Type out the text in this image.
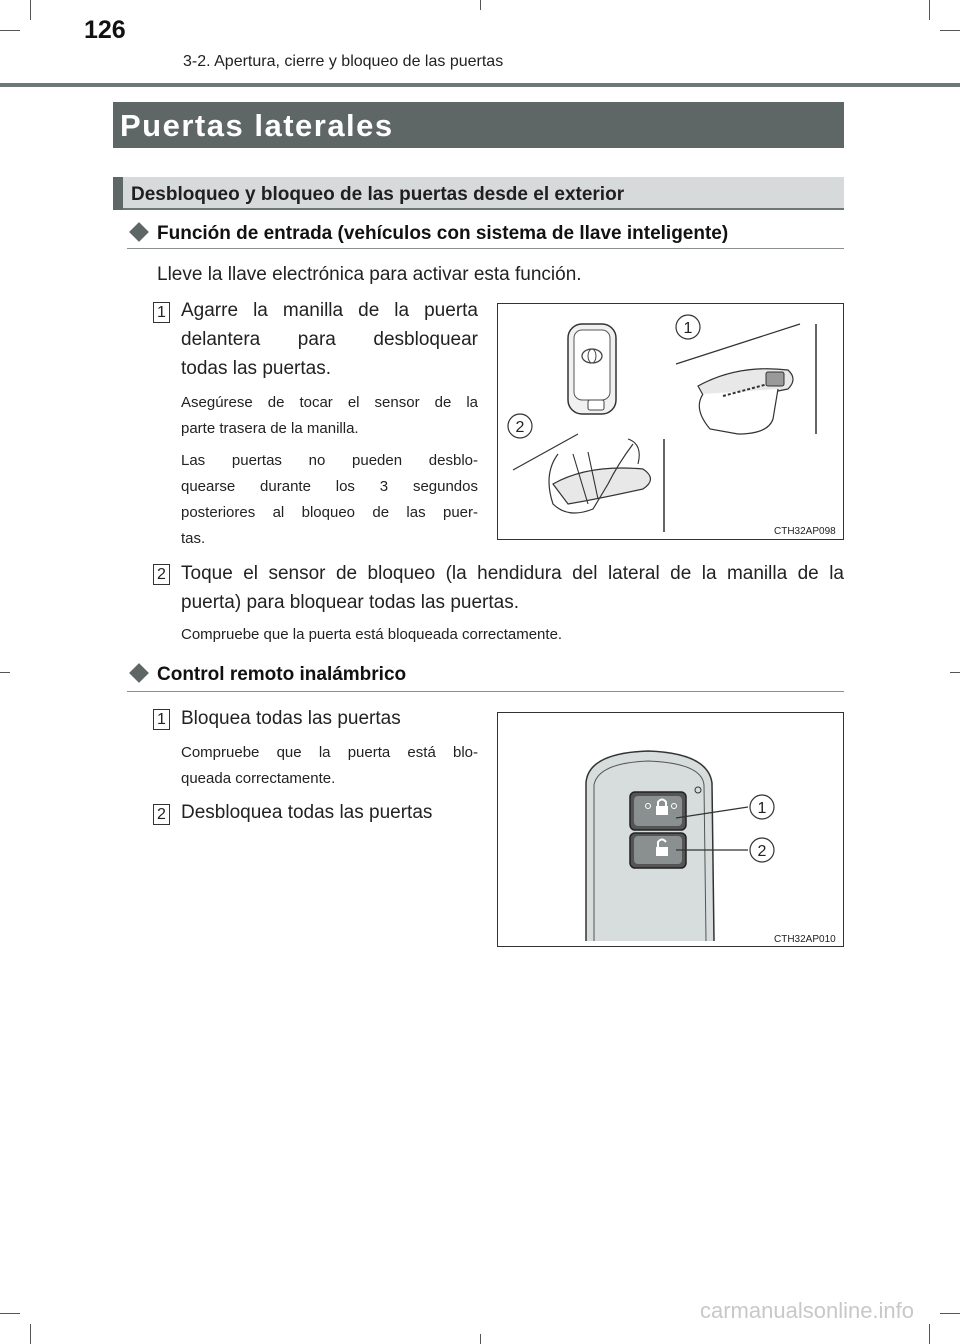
126
3-2. Apertura, cierre y bloqueo de las puertas
Puertas laterales
Desbloqueo y bloqueo de las puertas desde el exterior
Función de entrada (vehículos con sistema de llave inteligente)
Lleve la llave electrónica para activar esta función.
1 Agarre la manilla de la puerta
delantera para desbloquear
todas las puertas.
Asegúrese de tocar el sensor de la
parte trasera de la manilla.
Las puertas no pueden desblo-
quearse durante los 3 segundos
posteriores al bloqueo de las puer-
tas.
1
2
CTH32AP098
2 Toque el sensor de bloqueo (la hendidura del lateral de la manilla de la
puerta) para bloquear todas las puertas.
Compruebe que la puerta está bloqueada correctamente.
Control remoto inalámbrico
1 Bloquea todas las puertas
Compruebe que la puerta está blo-
queada correctamente.
2 Desbloquea todas las puertas	1
2
CTH32AP010
carmanualsonline.info
